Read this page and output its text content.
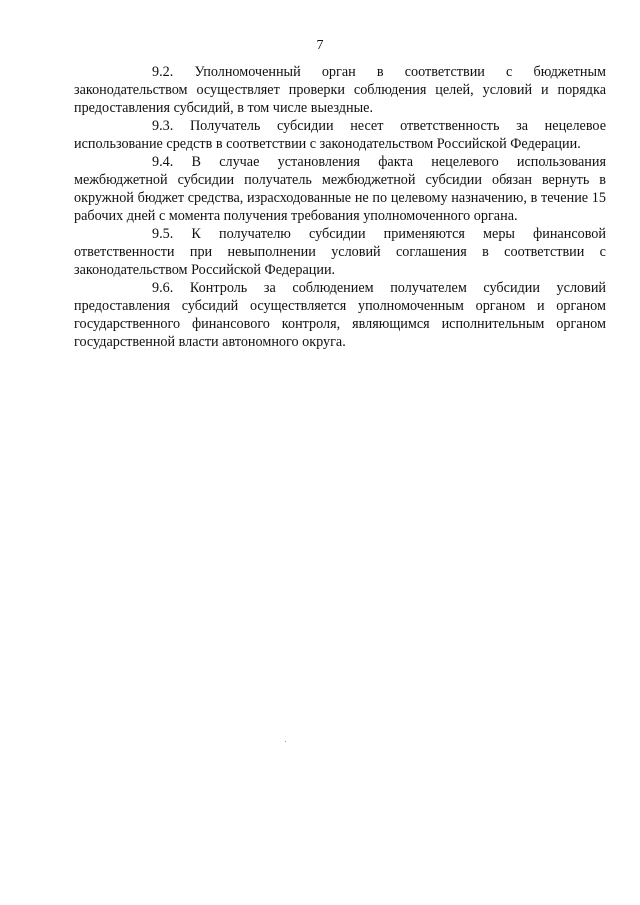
7

9.2. Уполномоченный орган в соответствии с бюджетным законодательством осуществляет проверки соблюдения целей, условий и порядка предоставления субсидий, в том числе выездные.

9.3. Получатель субсидии несет ответственность за нецелевое использование средств в соответствии с законодательством Российской Федерации.

9.4. В случае установления факта нецелевого использования межбюджетной субсидии получатель межбюджетной субсидии обязан вернуть в окружной бюджет средства, израсходованные не по целевому назначению, в течение 15 рабочих дней с момента получения требования уполномоченного органа.

9.5. К получателю субсидии применяются меры финансовой ответственности при невыполнении условий соглашения в соответствии с законодательством Российской Федерации.

9.6. Контроль за соблюдением получателем субсидии условий предоставления субсидий осуществляется уполномоченным органом и органом государственного финансового контроля, являющимся исполнительным органом государственной власти автономного округа.
